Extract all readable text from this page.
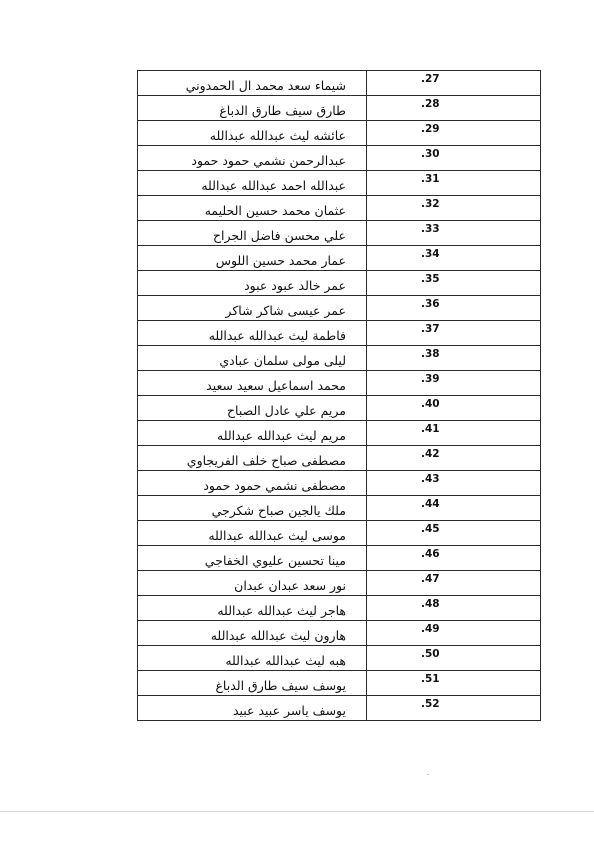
شيماء سعد محمد ال الحمدوني	.27
طارق سيف طارق الدباغ	.28
عائشه ليث عبدالله عبدالله	.29
عبدالرحمن نشمي حمود حمود	.30
عبدالله احمد عبدالله عبدالله	.31
عثمان محمد حسين الحليمه	.32
علي محسن فاضل الجراح	.33
عمار محمد حسين اللوس	.34
عمر خالد عبود عبود	.35
عمر عيسى شاكر شاكر	.36
فاطمة ليث عبدالله عبدالله	.37
ليلى مولى سلمان عبادي	.38
محمد اسماعيل سعيد سعيد	.39
مريم علي عادل الصباح	.40
مريم ليث عبدالله عبدالله	.41
مصطفى صباح خلف الفريجاوي	.42
مصطفى نشمي حمود حمود	.43
ملك يالجين صباح شكرجي	.44
موسى ليث عبدالله عبدالله	.45
مينا تحسين عليوي الخفاجي	.46
نور سعد عبدان عبدان	.47
هاجر ليث عبدالله عبدالله	.48
هارون ليث عبدالله عبدالله	.49
هبه ليث عبدالله عبدالله	.50
يوسف سيف طارق الدباغ	.51
يوسف ياسر عبيد عبيد	.52
